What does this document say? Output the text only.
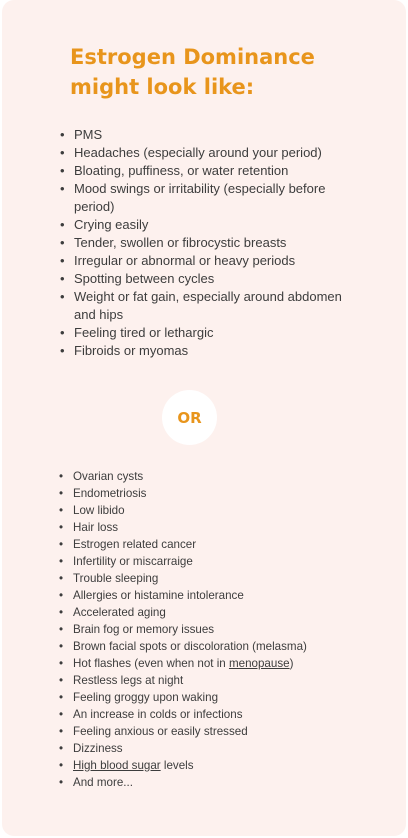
Estrogen Dominance
might look like:
• PMS
• Headaches (especially around your period)
• Bloating, puffiness, or water retention
• Mood swings or irritability (especially before period)
• Crying easily
• Tender, swollen or fibrocystic breasts
• Irregular or abnormal or heavy periods
• Spotting between cycles
• Weight or fat gain, especially around abdomen and hips
• Feeling tired or lethargic
• Fibroids or myomas
OR
• Ovarian cysts
• Endometriosis
• Low libido
• Hair loss
• Estrogen related cancer
• Infertility or miscarraige
• Trouble sleeping
• Allergies or histamine intolerance
• Accelerated aging
• Brain fog or memory issues
• Brown facial spots or discoloration (melasma)
• Hot flashes (even when not in menopause)
• Restless legs at night
• Feeling groggy upon waking
• An increase in colds or infections
• Feeling anxious or easily stressed
• Dizziness
• High blood sugar levels
• And more...
